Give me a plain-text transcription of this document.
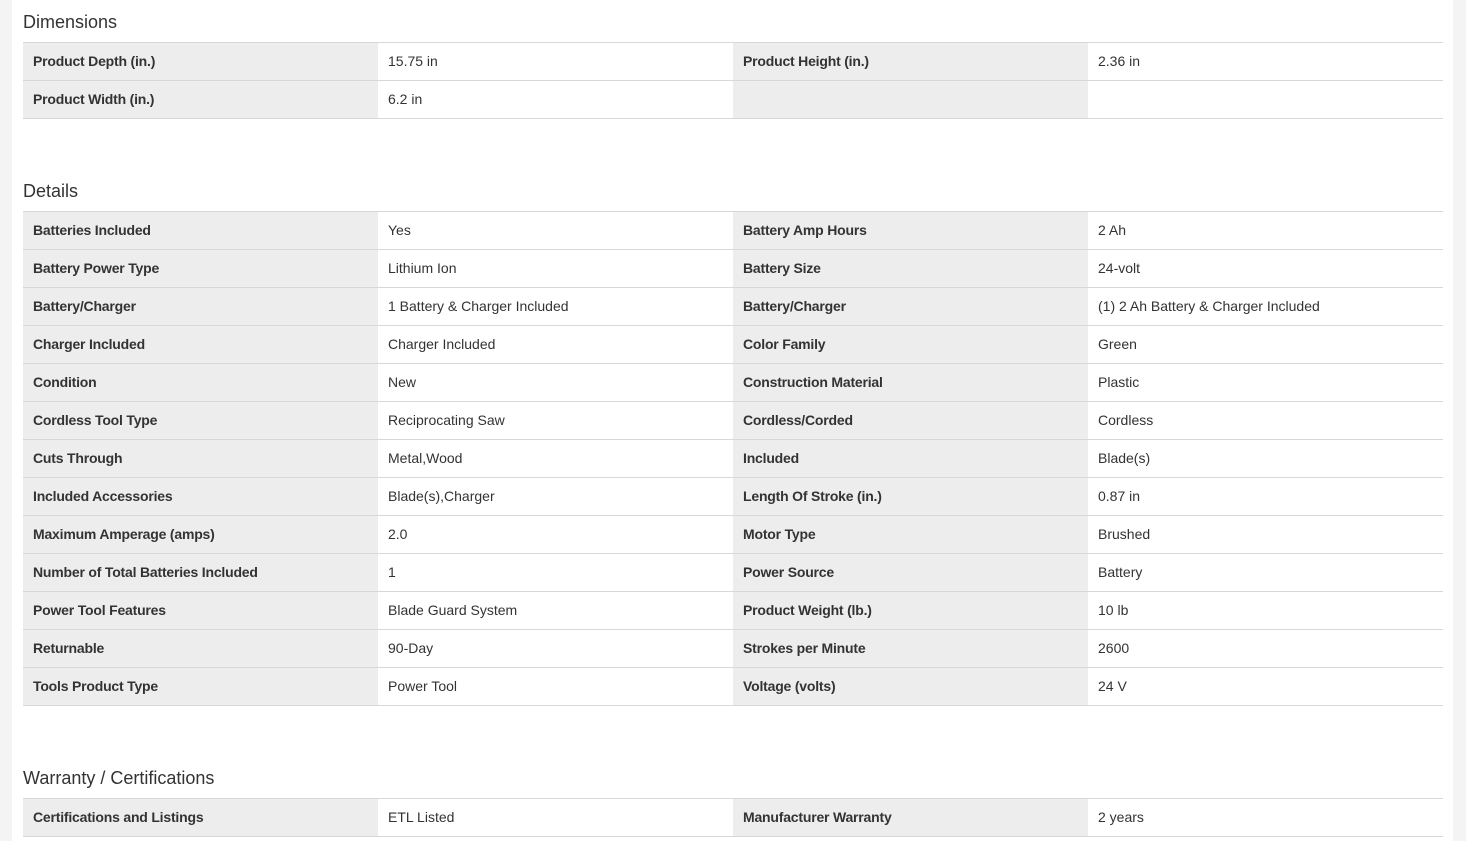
Dimensions
Product Depth (in.)	15.75 in	Product Height (in.)	2.36 in
Product Width (in.)	6.2 in
Details
Batteries Included	Yes	Battery Amp Hours	2 Ah
Battery Power Type	Lithium Ion	Battery Size	24-volt
Battery/Charger	1 Battery & Charger Included	Battery/Charger	(1) 2 Ah Battery & Charger Included
Charger Included	Charger Included	Color Family	Green
Condition	New	Construction Material	Plastic
Cordless Tool Type	Reciprocating Saw	Cordless/Corded	Cordless
Cuts Through	Metal,Wood	Included	Blade(s)
Included Accessories	Blade(s),Charger	Length Of Stroke (in.)	0.87 in
Maximum Amperage (amps)	2.0	Motor Type	Brushed
Number of Total Batteries Included	1	Power Source	Battery
Power Tool Features	Blade Guard System	Product Weight (lb.)	10 lb
Returnable	90-Day	Strokes per Minute	2600
Tools Product Type	Power Tool	Voltage (volts)	24 V
Warranty / Certifications
Certifications and Listings	ETL Listed	Manufacturer Warranty	2 years
